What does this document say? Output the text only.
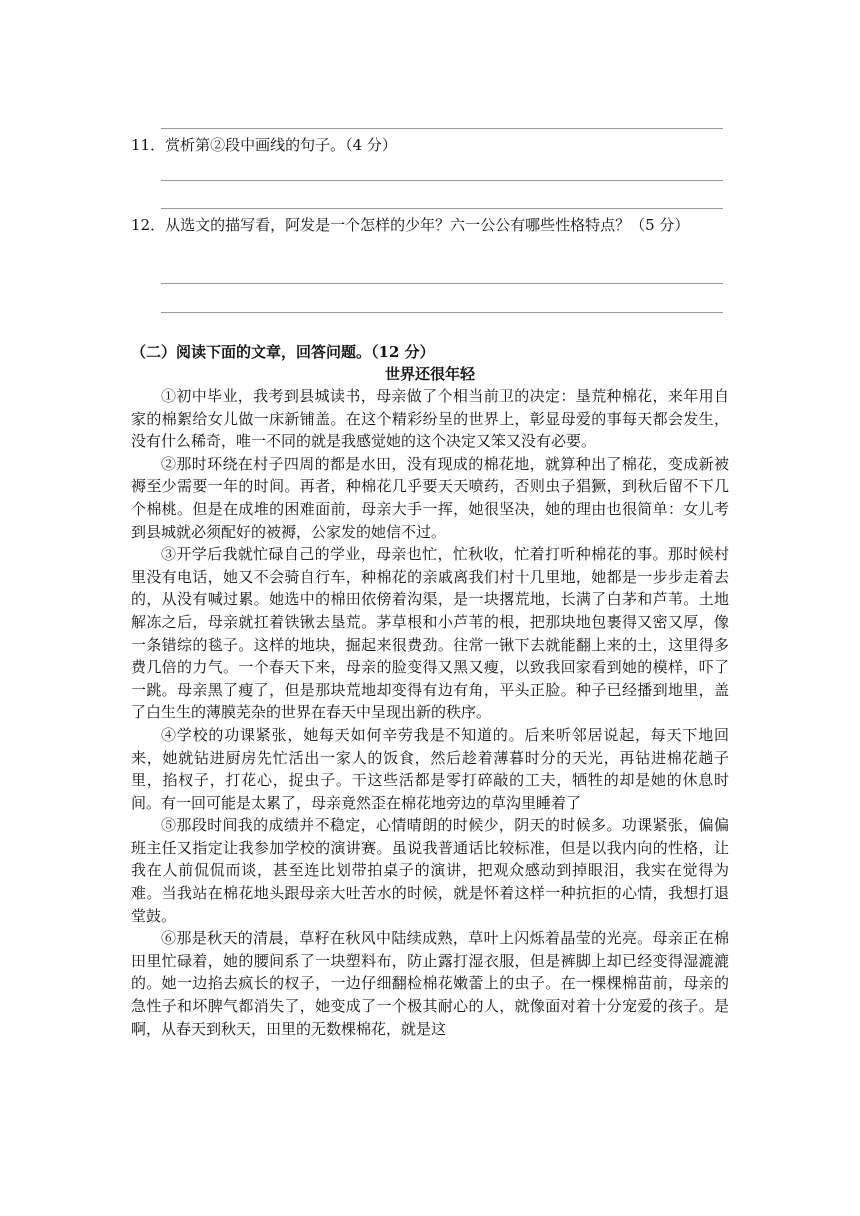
11．赏析第②段中画线的句子。（4 分）
12．从选文的描写看，阿发是一个怎样的少年？六一公公有哪些性格特点？（5 分）
（二）阅读下面的文章，回答问题。（12 分）
世界还很年轻

①初中毕业，我考到县城读书，母亲做了个相当前卫的决定：垦荒种棉花，来年用自家的棉絮给女儿做一床新铺盖。在这个精彩纷呈的世界上，彰显母爱的事每天都会发生，没有什么稀奇，唯一不同的就是我感觉她的这个决定又笨又没有必要。

②那时环绕在村子四周的都是水田，没有现成的棉花地，就算种出了棉花，变成新被褥至少需要一年的时间。再者，种棉花几乎要天天喷药，否则虫子猖獗，到秋后留不下几个棉桃。但是在成堆的困难面前，母亲大手一挥，她很坚决，她的理由也很简单：女儿考到县城就必须配好的被褥，公家发的她信不过。

③开学后我就忙碌自己的学业，母亲也忙，忙秋收，忙着打听种棉花的事。那时候村里没有电话，她又不会骑自行车，种棉花的亲戚离我们村十几里地，她都是一步步走着去的，从没有喊过累。她选中的棉田依傍着沟渠，是一块撂荒地，长满了白茅和芦苇。土地解冻之后，母亲就扛着铁锹去垦荒。茅草根和小芦苇的根，把那块地包裹得又密又厚，像一条错综的毯子。这样的地块，掘起来很费劲。往常一锹下去就能翻上来的土，这里得多费几倍的力气。一个春天下来，母亲的脸变得又黑又瘦，以致我回家看到她的模样，吓了一跳。母亲黑了瘦了，但是那块荒地却变得有边有角，平头正脸。种子已经播到地里，盖了白生生的薄膜芜杂的世界在春天中呈现出新的秩序。

④学校的功课紧张，她每天如何辛劳我是不知道的。后来听邻居说起，每天下地回来，她就钻进厨房先忙活出一家人的饭食，然后趁着薄暮时分的天光，再钻进棉花趟子里，掐杈子，打花心，捉虫子。干这些活都是零打碎敲的工夫，牺牲的却是她的休息时间。有一回可能是太累了，母亲竟然歪在棉花地旁边的草沟里睡着了

⑤那段时间我的成绩并不稳定，心情晴朗的时候少，阴天的时候多。功课紧张，偏偏班主任又指定让我参加学校的演讲赛。虽说我普通话比较标准，但是以我内向的性格，让我在人前侃侃而谈，甚至连比划带拍桌子的演讲，把观众感动到掉眼泪，我实在觉得为难。当我站在棉花地头跟母亲大吐苦水的时候，就是怀着这样一种抗拒的心情，我想打退堂鼓。

⑥那是秋天的清晨，草籽在秋风中陆续成熟，草叶上闪烁着晶莹的光亮。母亲正在棉田里忙碌着，她的腰间系了一块塑料布，防止露打湿衣服，但是裤脚上却已经变得湿漉漉的。她一边掐去疯长的杈子，一边仔细翻检棉花嫩蕾上的虫子。在一棵棵棉苗前，母亲的急性子和坏脾气都消失了，她变成了一个极其耐心的人，就像面对着十分宠爱的孩子。是啊，从春天到秋天，田里的无数棵棉花，就是这
